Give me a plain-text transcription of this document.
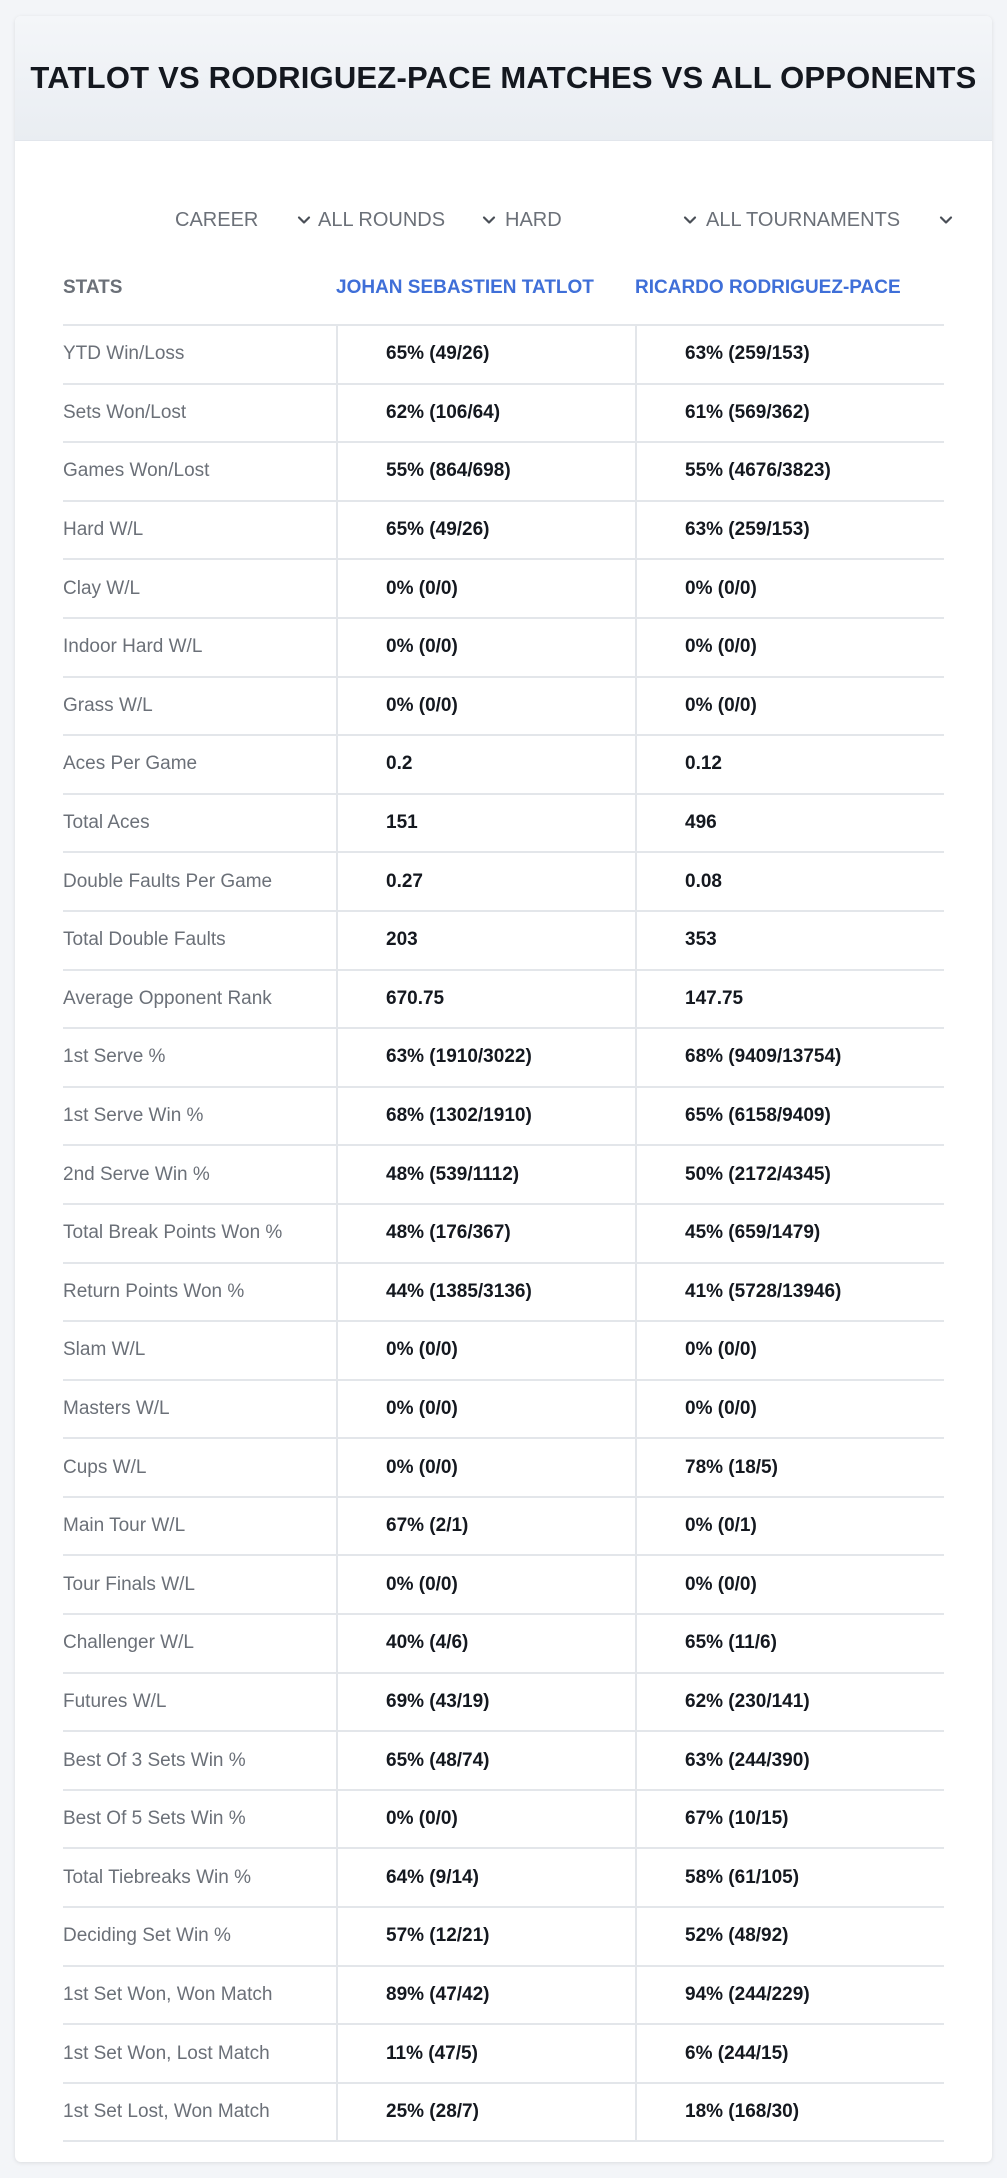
TATLOT VS RODRIGUEZ-PACE MATCHES VS ALL OPPONENTS
CAREER	ALL ROUNDS	HARD	ALL TOURNAMENTS
STATS	JOHAN SEBASTIEN TATLOT	RICARDO RODRIGUEZ-PACE
YTD Win/Loss	65% (49/26)	63% (259/153)
Sets Won/Lost	62% (106/64)	61% (569/362)
Games Won/Lost	55% (864/698)	55% (4676/3823)
Hard W/L	65% (49/26)	63% (259/153)
Clay W/L	0% (0/0)	0% (0/0)
Indoor Hard W/L	0% (0/0)	0% (0/0)
Grass W/L	0% (0/0)	0% (0/0)
Aces Per Game	0.2	0.12
Total Aces	151	496
Double Faults Per Game	0.27	0.08
Total Double Faults	203	353
Average Opponent Rank	670.75	147.75
1st Serve %	63% (1910/3022)	68% (9409/13754)
1st Serve Win %	68% (1302/1910)	65% (6158/9409)
2nd Serve Win %	48% (539/1112)	50% (2172/4345)
Total Break Points Won %	48% (176/367)	45% (659/1479)
Return Points Won %	44% (1385/3136)	41% (5728/13946)
Slam W/L	0% (0/0)	0% (0/0)
Masters W/L	0% (0/0)	0% (0/0)
Cups W/L	0% (0/0)	78% (18/5)
Main Tour W/L	67% (2/1)	0% (0/1)
Tour Finals W/L	0% (0/0)	0% (0/0)
Challenger W/L	40% (4/6)	65% (11/6)
Futures W/L	69% (43/19)	62% (230/141)
Best Of 3 Sets Win %	65% (48/74)	63% (244/390)
Best Of 5 Sets Win %	0% (0/0)	67% (10/15)
Total Tiebreaks Win %	64% (9/14)	58% (61/105)
Deciding Set Win %	57% (12/21)	52% (48/92)
1st Set Won, Won Match	89% (47/42)	94% (244/229)
1st Set Won, Lost Match	11% (47/5)	6% (244/15)
1st Set Lost, Won Match	25% (28/7)	18% (168/30)
